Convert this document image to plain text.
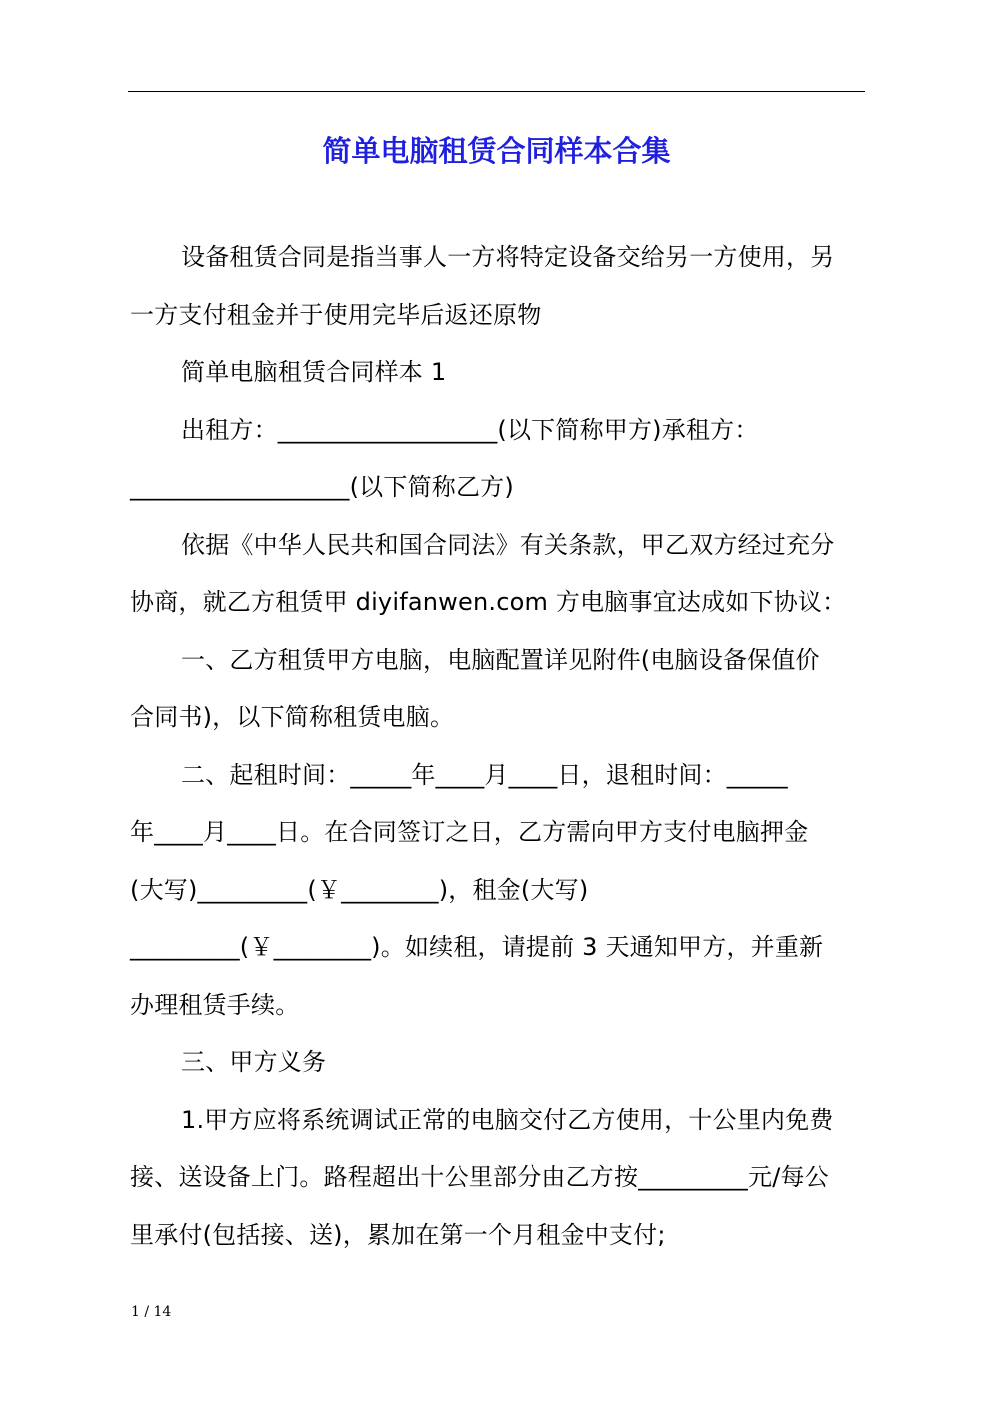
简单电脑租赁合同样本合集
设备租赁合同是指当事人一方将特定设备交给另一方使用，另
一方支付租金并于使用完毕后返还原物
简单电脑租赁合同样本 1
出租方：__________________(以下简称甲方)承租方：
__________________(以下简称乙方)
依据《中华人民共和国合同法》有关条款，甲乙双方经过充分
协商，就乙方租赁甲 diyifanwen.com 方电脑事宜达成如下协议：
一、乙方租赁甲方电脑，电脑配置详见附件(电脑设备保值价
合同书)，以下简称租赁电脑。
二、起租时间：_____年____月____日，退租时间：_____
年____月____日。在合同签订之日，乙方需向甲方支付电脑押金
(大写)_________(￥________)，租金(大写)
_________(￥________)。如续租，请提前 3 天通知甲方，并重新
办理租赁手续。
三、甲方义务
1.甲方应将系统调试正常的电脑交付乙方使用，十公里内免费
接、送设备上门。路程超出十公里部分由乙方按_________元/每公
里承付(包括接、送)，累加在第一个月租金中支付;
1 / 14
